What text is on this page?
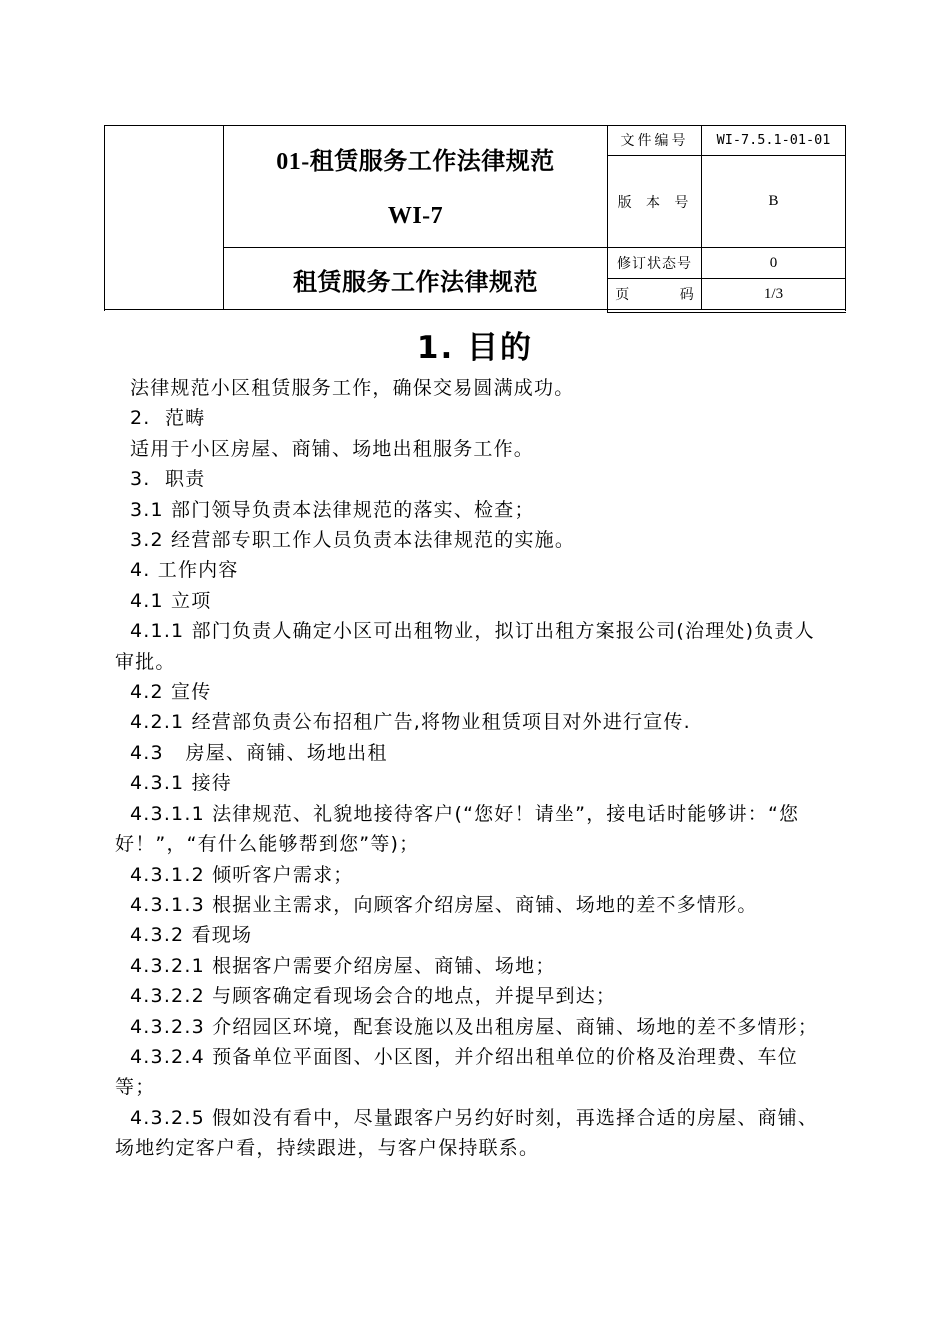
01-租赁服务工作法律规范
WI-7
租赁服务工作法律规范
文件编号	WI-7.5.1-01-01
版 本 号	B
修订状态号	0
页      码	1/3
1. 目的

法律规范小区租赁服务工作，确保交易圆满成功。

2.  范畴

适用于小区房屋、商铺、场地出租服务工作。

3.  职责

3.1 部门领导负责本法律规范的落实、检查；

3.2 经营部专职工作人员负责本法律规范的实施。

4. 工作内容

4.1 立项

4.1.1 部门负责人确定小区可出租物业，拟订出租方案报公司(治理处)负责人审批。

4.2 宣传

4.2.1 经营部负责公布招租广告,将物业租赁项目对外进行宣传.

4.3   房屋、商铺、场地出租

4.3.1 接待

4.3.1.1 法律规范、礼貌地接待客户(“您好！请坐”，接电话时能够讲：“您好！”，“有什么能够帮到您”等)；

4.3.1.2 倾听客户需求；

4.3.1.3 根据业主需求，向顾客介绍房屋、商铺、场地的差不多情形。

4.3.2 看现场

4.3.2.1 根据客户需要介绍房屋、商铺、场地；

4.3.2.2 与顾客确定看现场会合的地点，并提早到达；

4.3.2.3 介绍园区环境，配套设施以及出租房屋、商铺、场地的差不多情形；

4.3.2.4 预备单位平面图、小区图，并介绍出租单位的价格及治理费、车位等；

4.3.2.5 假如没有看中，尽量跟客户另约好时刻，再选择合适的房屋、商铺、场地约定客户看，持续跟进，与客户保持联系。
